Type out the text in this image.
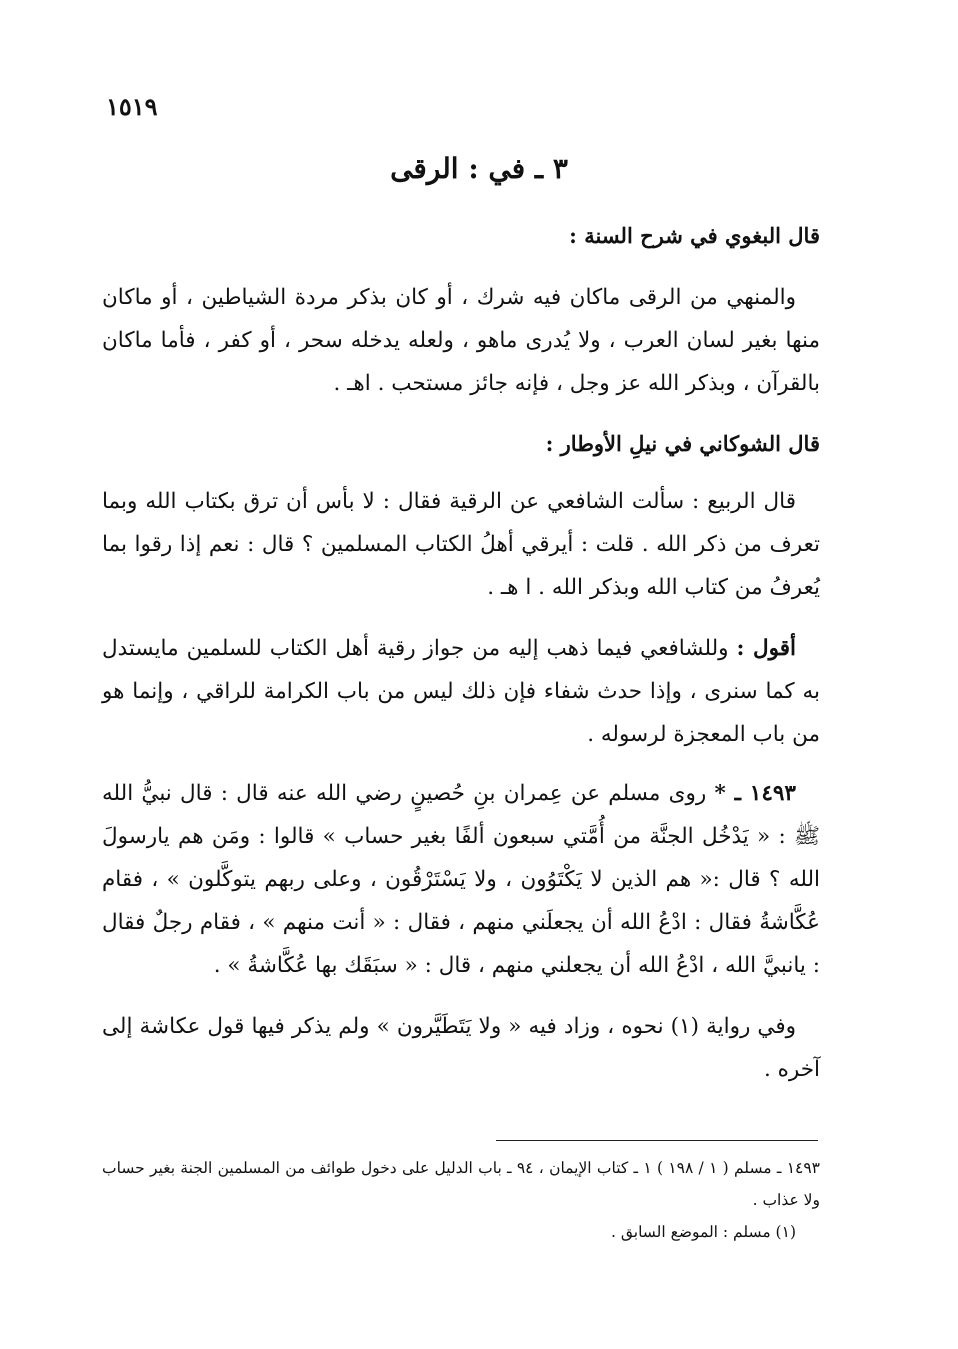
١٥١٩
٣ ـ في : الرقى
قال البغوي في شرح السنة :

والمنهي من الرقى ماكان فيه شرك ، أو كان بذكر مردة الشياطين ، أو ماكان منها بغير لسان العرب ، ولا يُدرى ماهو ، ولعله يدخله سحر ، أو كفر ، فأما ماكان بالقرآن ، وبذكر الله عز وجل ، فإنه جائز مستحب . اهـ .

قال الشوكاني في نيلِ الأوطار :

قال الربيع : سألت الشافعي عن الرقية فقال : لا بأس أن ترق بكتاب الله وبما تعرف من ذكر الله . قلت : أيرقي أهلُ الكتاب المسلمين ؟ قال : نعم إذا رقوا بما يُعرفُ من كتاب الله وبذكر الله . ا هـ .

أقول : وللشافعي فيما ذهب إليه من جواز رقية أهل الكتاب للسلمين مايستدل به كما سنرى ، وإذا حدث شفاء فإن ذلك ليس من باب الكرامة للراقي ، وإنما هو من باب المعجزة لرسوله .

١٤٩٣ ـ * روى مسلم عن عِمران بنِ حُصينٍ رضي الله عنه قال : قال نبيُّ الله ﷺ : « يَدْخُل الجنَّة من أُمَّتي سبعون ألفًا بغير حساب » قالوا : ومَن هم يارسولَ الله ؟ قال :« هم الذين لا يَكْتَوُون ، ولا يَسْتَرْقُون ، وعلى ربهم يتوكَّلون » ، فقام عُكَّاشةُ فقال : ادْعُ الله أن يجعلَني منهم ، فقال : « أنت منهم » ، فقام رجلٌ فقال : يانبيَّ الله ، ادْعُ الله أن يجعلني منهم ، قال : « سبَقَك بها عُكَّاشةُ » .

وفي رواية (١) نحوه ، وزاد فيه « ولا يَتَطَيَّرون » ولم يذكر فيها قول عكاشة إلى آخره .

١٤٩٣ ـ مسلم ( ١ / ١٩٨ ) ١ ـ كتاب الإيمان ، ٩٤ ـ باب الدليل على دخول طوائف من المسلمين الجنة بغير حساب ولا عذاب .

(١) مسلم : الموضع السابق .
